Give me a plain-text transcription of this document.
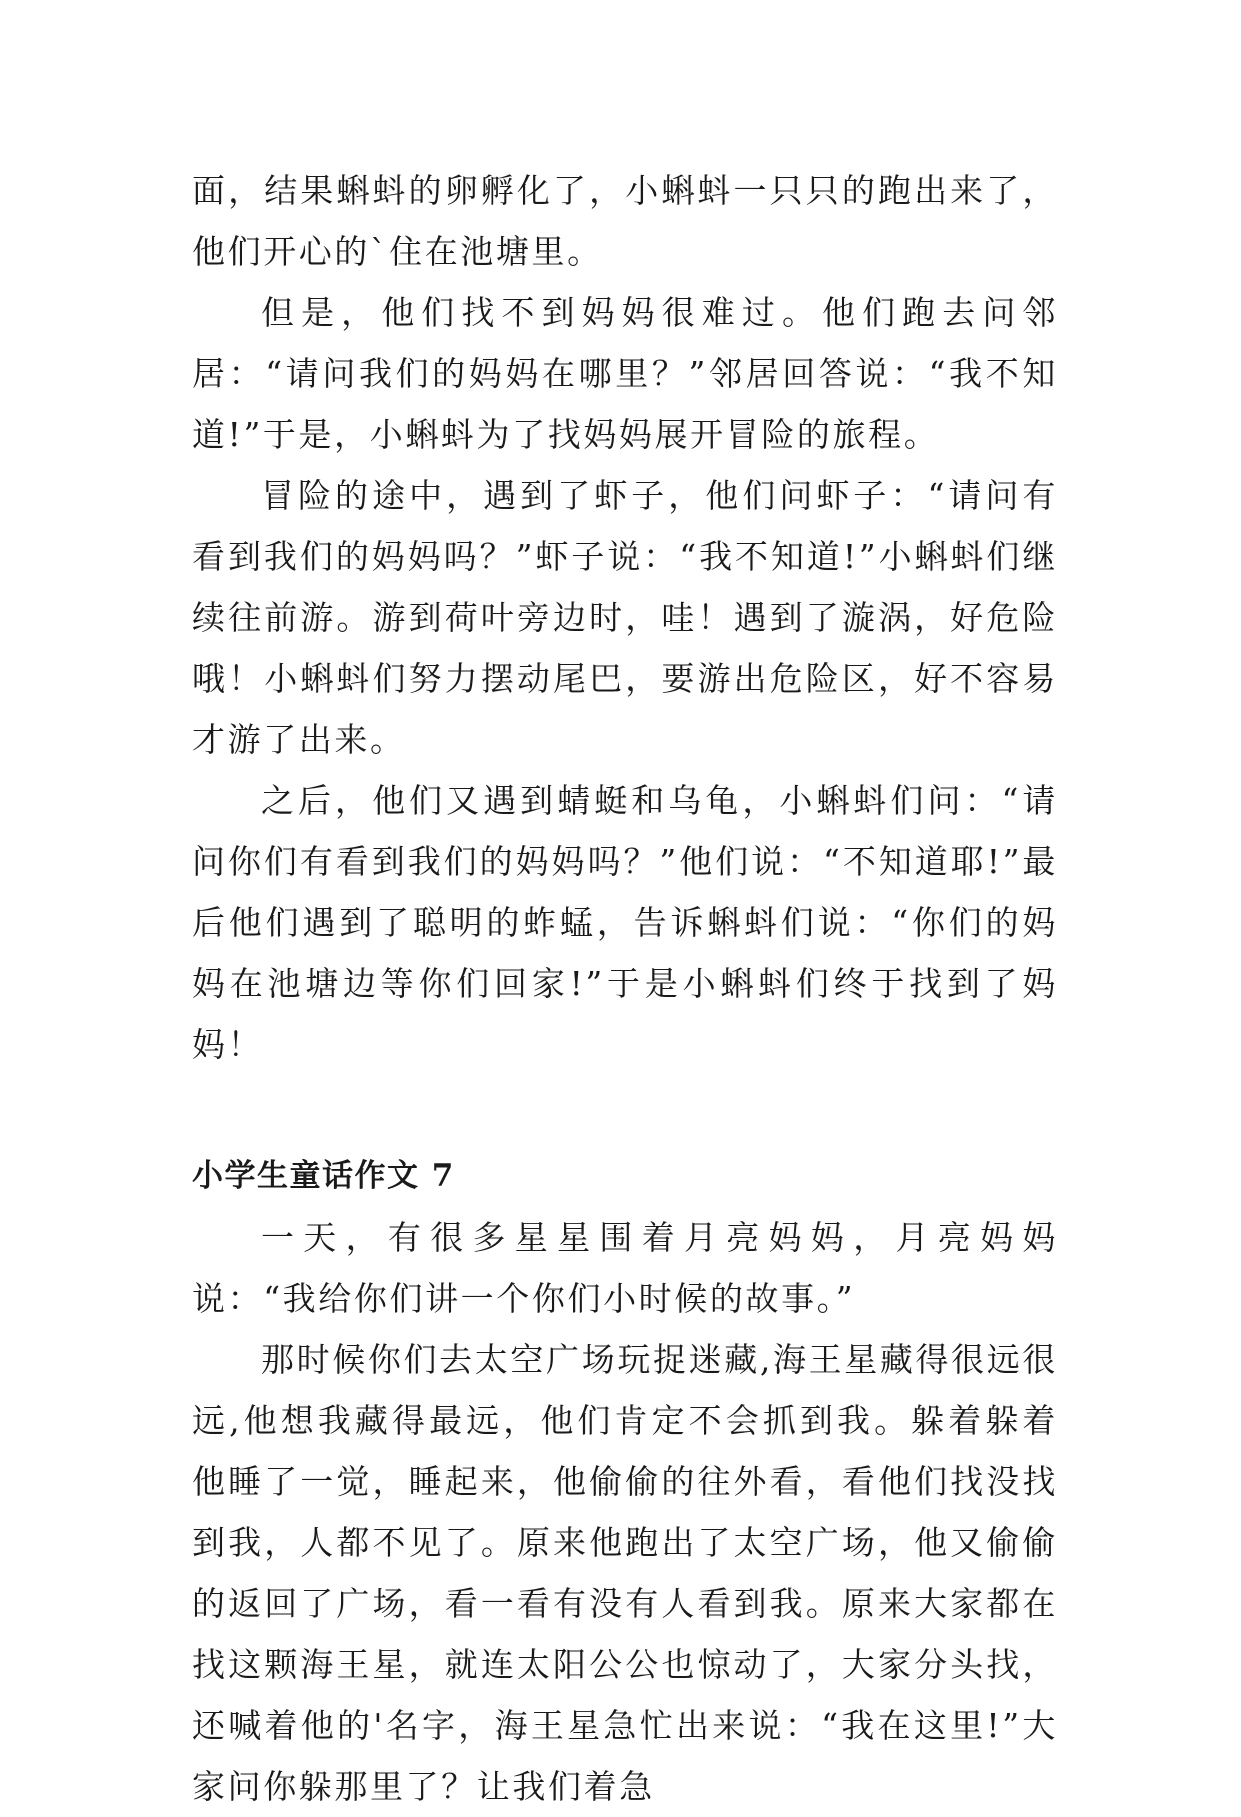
面，结果蝌蚪的卵孵化了，小蝌蚪一只只的跑出来了，他们开心的`住在池塘里。

但是，他们找不到妈妈很难过。他们跑去问邻居：“请问我们的妈妈在哪里？”邻居回答说：“我不知道!”于是，小蝌蚪为了找妈妈展开冒险的旅程。

冒险的途中，遇到了虾子，他们问虾子：“请问有看到我们的妈妈吗？”虾子说：“我不知道!”小蝌蚪们继续往前游。游到荷叶旁边时，哇！遇到了漩涡，好危险哦！小蝌蚪们努力摆动尾巴，要游出危险区，好不容易才游了出来。

之后，他们又遇到蜻蜓和乌龟，小蝌蚪们问：“请问你们有看到我们的妈妈吗？”他们说：“不知道耶!”最后他们遇到了聪明的蚱蜢，告诉蝌蚪们说：“你们的妈妈在池塘边等你们回家!”于是小蝌蚪们终于找到了妈妈！

小学生童话作文 7

一天，有很多星星围着月亮妈妈，月亮妈妈说：“我给你们讲一个你们小时候的故事。”

那时候你们去太空广场玩捉迷藏,海王星藏得很远很远,他想我藏得最远，他们肯定不会抓到我。躲着躲着他睡了一觉，睡起来，他偷偷的往外看，看他们找没找到我，人都不见了。原来他跑出了太空广场，他又偷偷的返回了广场，看一看有没有人看到我。原来大家都在找这颗海王星，就连太阳公公也惊动了，大家分头找，还喊着他的'名字，海王星急忙出来说：“我在这里!”大家问你躲那里了？让我们着急
